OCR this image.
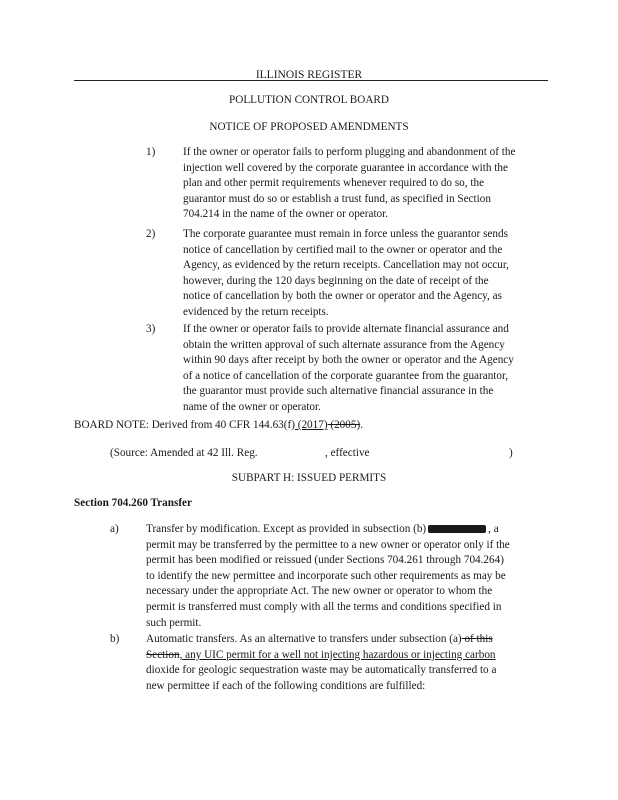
ILLINOIS REGISTER
POLLUTION CONTROL BOARD
NOTICE OF PROPOSED AMENDMENTS
1) If the owner or operator fails to perform plugging and abandonment of the
injection well covered by the corporate guarantee in accordance with the
plan and other permit requirements whenever required to do so, the
guarantor must do so or establish a trust fund, as specified in Section
704.214 in the name of the owner or operator.
2) The corporate guarantee must remain in force unless the guarantor sends
notice of cancellation by certified mail to the owner or operator and the
Agency, as evidenced by the return receipts. Cancellation may not occur,
however, during the 120 days beginning on the date of receipt of the
notice of cancellation by both the owner or operator and the Agency, as
evidenced by the return receipts.
3) If the owner or operator fails to provide alternate financial assurance and
obtain the written approval of such alternate assurance from the Agency
within 90 days after receipt by both the owner or operator and the Agency
of a notice of cancellation of the corporate guarantee from the guarantor,
the guarantor must provide such alternative financial assurance in the
name of the owner or operator.
BOARD NOTE: Derived from 40 CFR 144.63(f) (2017) (2005).
(Source: Amended at 42 Ill. Reg.	, effective	)
SUBPART H: ISSUED PERMITS
Section 704.260 Transfer
a) Transfer by modification. Except as provided in subsection (b)	, a
permit may be transferred by the permittee to a new owner or operator only if the
permit has been modified or reissued (under Sections 704.261 through 704.264)
to identify the new permittee and incorporate such other requirements as may be
necessary under the appropriate Act. The new owner or operator to whom the
permit is transferred must comply with all the terms and conditions specified in
such permit.
b) Automatic transfers. As an alternative to transfers under subsection (a) of this
Section, any UIC permit for a well not injecting hazardous or injecting carbon
dioxide for geologic sequestration waste may be automatically transferred to a
new permittee if each of the following conditions are fulfilled:
